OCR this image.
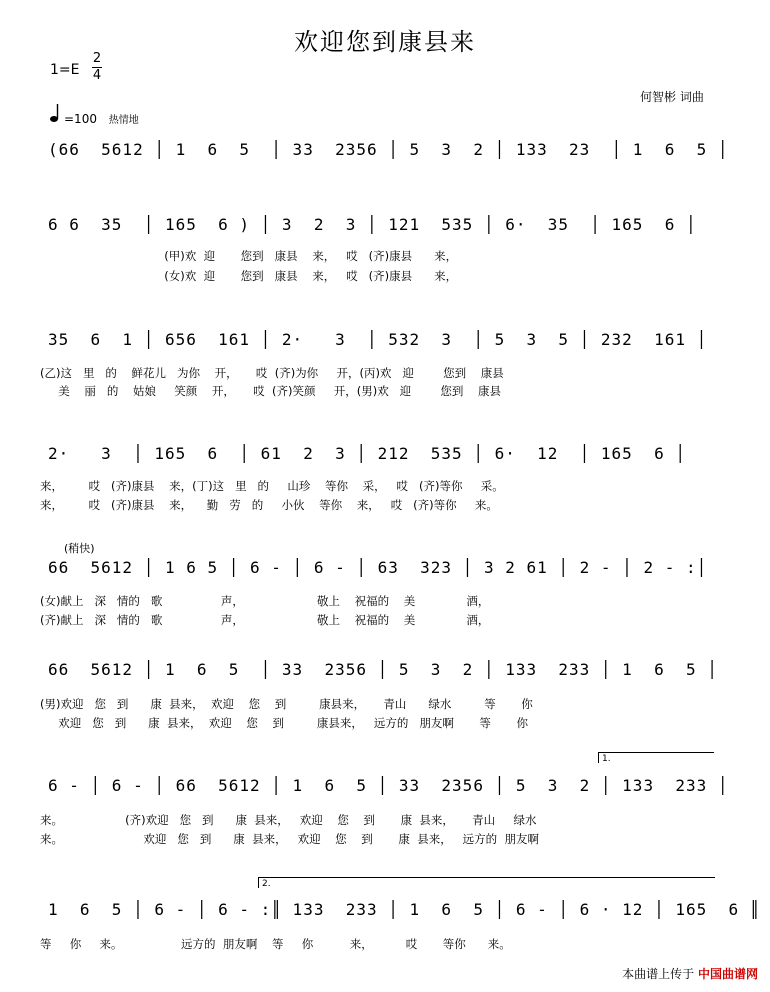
欢迎您到康县来
1=E
2
4
何智彬 词曲
=100 热情地
(66  5612 │ 1  6  5  │ 33  2356 │ 5  3  2 │ 133  23  │ 1  6  5 │
6 6  35  │ 165  6 ) │ 3  2  3 │ 121  535 │ 6·  35  │ 165  6 │
(甲)欢  迎       您到   康县    来，   哎   (齐)康县      来，
(女)欢  迎       您到   康县    来，   哎   (齐)康县      来，
35  6  1 │ 656  161 │ 2·   3  │ 532  3  │ 5  3  5 │ 232  161 │
(乙)这   里   的    鲜花儿   为你    开，     哎  (齐)为你     开，(丙)欢   迎        您到    康县
美    丽   的    姑娘     笑颜    开，     哎  (齐)笑颜     开，(男)欢   迎        您到    康县
2·   3  │ 165  6  │ 61  2  3 │ 212  535 │ 6·  12  │ 165  6 │
来，       哎   (齐)康县    来，(丁)这   里   的     山珍    等你    采，   哎   (齐)等你     采。
来，       哎   (齐)康县    来，    勤   劳   的     小伙    等你    来，   哎   (齐)等你     来。
(稍快)
66  5612 │ 1 6 5 │ 6 - │ 6 - │ 63  323 │ 3 2 61 │ 2 - │ 2 - :│
(女)献上   深   情的   歌                声，                    敬上    祝福的    美              酒，
(齐)献上   深   情的   歌                声，                    敬上    祝福的    美              酒，
66  5612 │ 1  6  5  │ 33  2356 │ 5  3  2 │ 133  233 │ 1  6  5 │
(男)欢迎   您   到      康  县来，  欢迎    您    到         康县来，     青山      绿水         等       你
欢迎   您   到      康  县来，  欢迎    您    到         康县来，   远方的   朋友啊       等       你
1.
6 - │ 6 - │ 66  5612 │ 1  6  5 │ 33  2356 │ 5  3  2 │ 133  233 │
来。                 (齐)欢迎   您   到      康  县来，   欢迎    您    到       康  县来，     青山     绿水
来。                      欢迎   您   到      康  县来，   欢迎    您    到       康  县来，   远方的  朋友啊
2.
1  6  5 │ 6 - │ 6 - :║ 133  233 │ 1  6  5 │ 6 - │ 6 · 12 │ 165  6 ║
等     你     来。                远方的  朋友啊    等     你          来，         哎       等你      来。
本曲谱上传于 中国曲谱网
